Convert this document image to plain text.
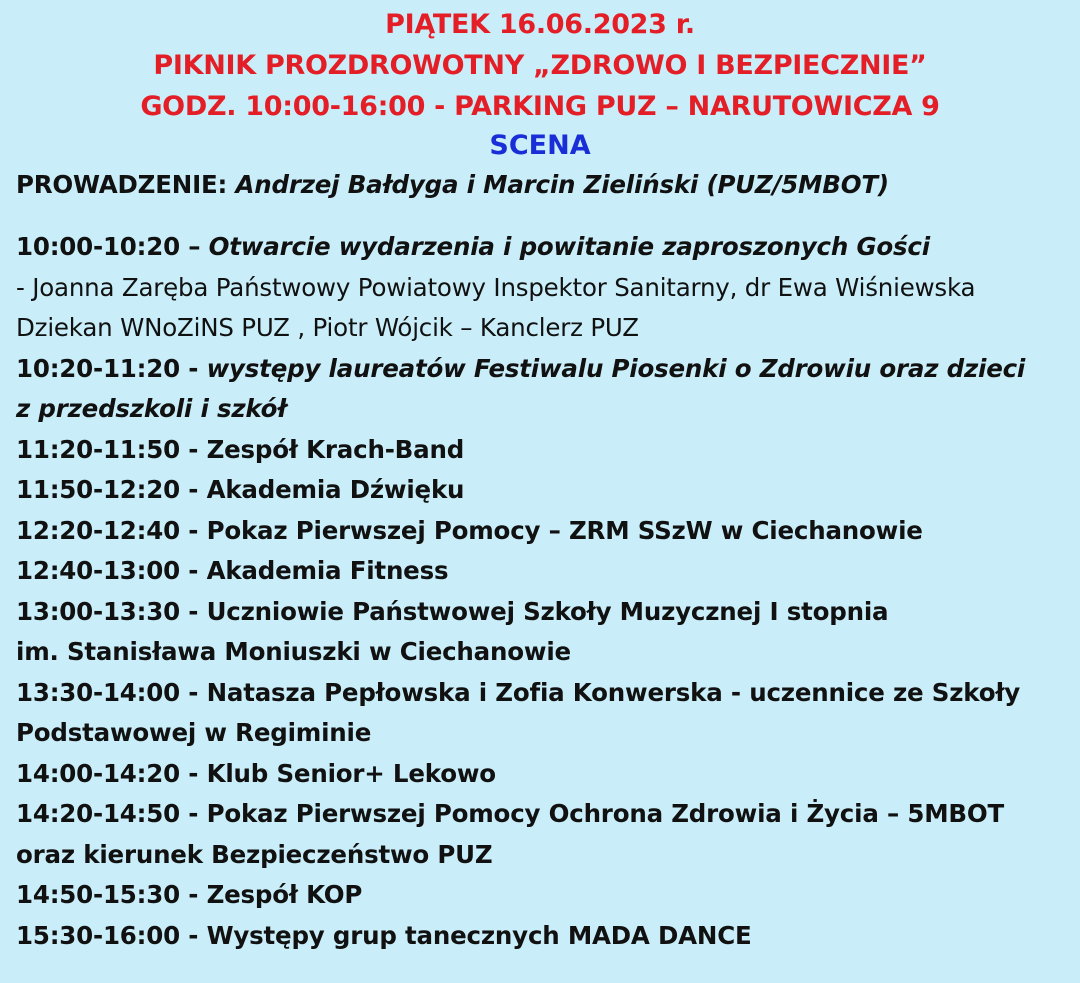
PIĄTEK 16.06.2023 r.
PIKNIK PROZDROWOTNY „ZDROWO I BEZPIECZNIE”
GODZ. 10:00-16:00 - PARKING PUZ – NARUTOWICZA 9
SCENA
PROWADZENIE: Andrzej Bałdyga i Marcin Zieliński (PUZ/5MBOT)
10:00-10:20 – Otwarcie wydarzenia i powitanie zaproszonych Gości
- Joanna Zaręba Państwowy Powiatowy Inspektor Sanitarny, dr Ewa Wiśniewska
Dziekan WNoZiNS PUZ , Piotr Wójcik – Kanclerz PUZ
10:20-11:20 - występy laureatów Festiwalu Piosenki o Zdrowiu oraz dzieci
z przedszkoli i szkół
11:20-11:50 - Zespół Krach-Band
11:50-12:20 - Akademia Dźwięku
12:20-12:40 - Pokaz Pierwszej Pomocy – ZRM SSzW w Ciechanowie
12:40-13:00 - Akademia Fitness
13:00-13:30 - Uczniowie Państwowej Szkoły Muzycznej I stopnia
im. Stanisława Moniuszki w Ciechanowie
13:30-14:00 - Natasza Pepłowska i Zofia Konwerska - uczennice ze Szkoły
Podstawowej w Regiminie
14:00-14:20 - Klub Senior+ Lekowo
14:20-14:50 - Pokaz Pierwszej Pomocy Ochrona Zdrowia i Życia – 5MBOT
oraz kierunek Bezpieczeństwo PUZ
14:50-15:30 - Zespół KOP
15:30-16:00 - Występy grup tanecznych MADA DANCE
